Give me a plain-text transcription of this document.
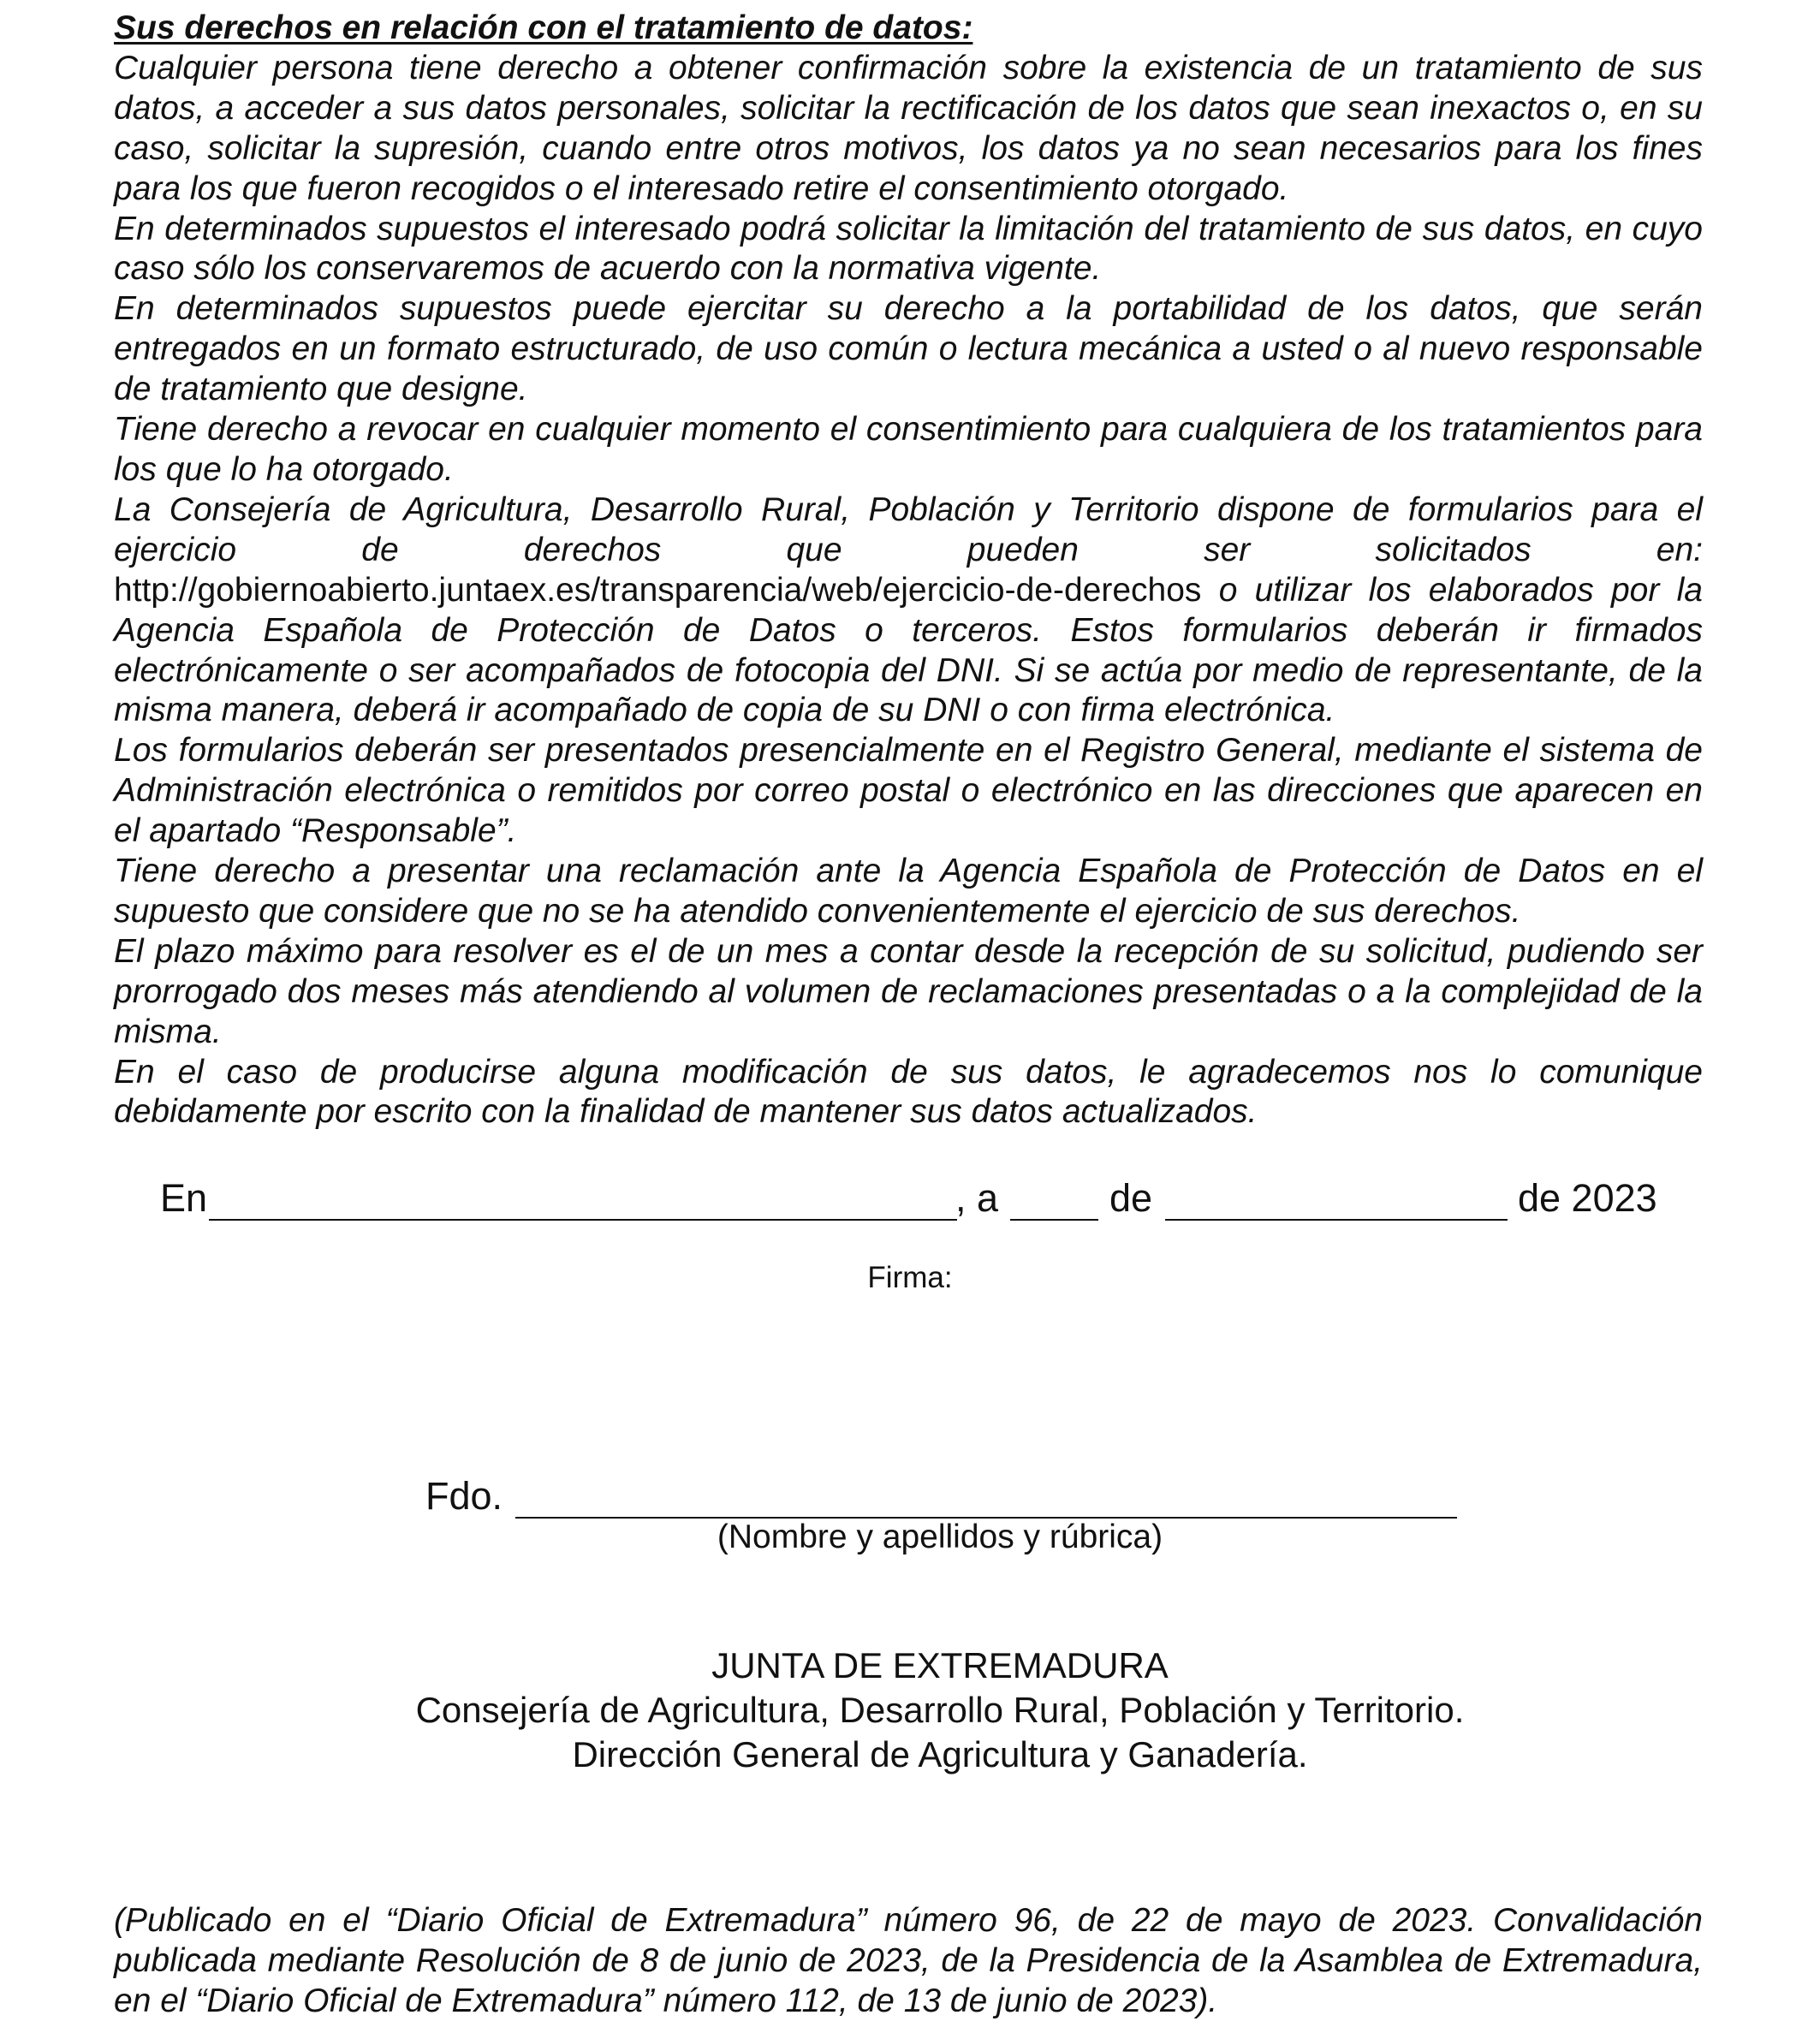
Sus derechos en relación con el tratamiento de datos:

Cualquier persona tiene derecho a obtener confirmación sobre la existencia de un tratamiento de sus datos, a acceder a sus datos personales, solicitar la rectificación de los datos que sean inexactos o, en su caso, solicitar la supresión, cuando entre otros motivos, los datos ya no sean necesarios para los fines para los que fueron recogidos o el interesado retire el consentimiento otorgado.

En determinados supuestos el interesado podrá solicitar la limitación del tratamiento de sus datos, en cuyo caso sólo los conservaremos de acuerdo con la normativa vigente.

En determinados supuestos puede ejercitar su derecho a la portabilidad de los datos, que serán entregados en un formato estructurado, de uso común o lectura mecánica a usted o al nuevo responsable de tratamiento que designe.

Tiene derecho a revocar en cualquier momento el consentimiento para cualquiera de los tratamientos para los que lo ha otorgado.

La Consejería de Agricultura, Desarrollo Rural, Población y Territorio dispone de formularios para el ejercicio de derechos que pueden ser solicitados en: http://gobiernoabierto.juntaex.es/transparencia/web/ejercicio-de-derechos o utilizar los elaborados por la Agencia Española de Protección de Datos o terceros. Estos formularios deberán ir firmados electrónicamente o ser acompañados de fotocopia del DNI. Si se actúa por medio de representante, de la misma manera, deberá ir acompañado de copia de su DNI o con firma electrónica.

Los formularios deberán ser presentados presencialmente en el Registro General, mediante el sistema de Administración electrónica o remitidos por correo postal o electrónico en las direcciones que aparecen en el apartado “Responsable”.

Tiene derecho a presentar una reclamación ante la Agencia Española de Protección de Datos en el supuesto que considere que no se ha atendido convenientemente el ejercicio de sus derechos.

El plazo máximo para resolver es el de un mes a contar desde la recepción de su solicitud, pudiendo ser prorrogado dos meses más atendiendo al volumen de reclamaciones presentadas o a la complejidad de la misma.

En el caso de producirse alguna modificación de sus datos, le agradecemos nos lo comunique debidamente por escrito con la finalidad de mantener sus datos actualizados.

En	, a	de	de 2023
Firma:
Fdo.
(Nombre y apellidos y rúbrica)
JUNTA DE EXTREMADURA
Consejería de Agricultura, Desarrollo Rural, Población y Territorio.
Dirección General de Agricultura y Ganadería.
(Publicado en el “Diario Oficial de Extremadura” número 96, de 22 de mayo de 2023. Convalidación publicada mediante Resolución de 8 de junio de 2023, de la Presidencia de la Asamblea de Extremadura, en el “Diario Oficial de Extremadura” número 112, de 13 de junio de 2023).
